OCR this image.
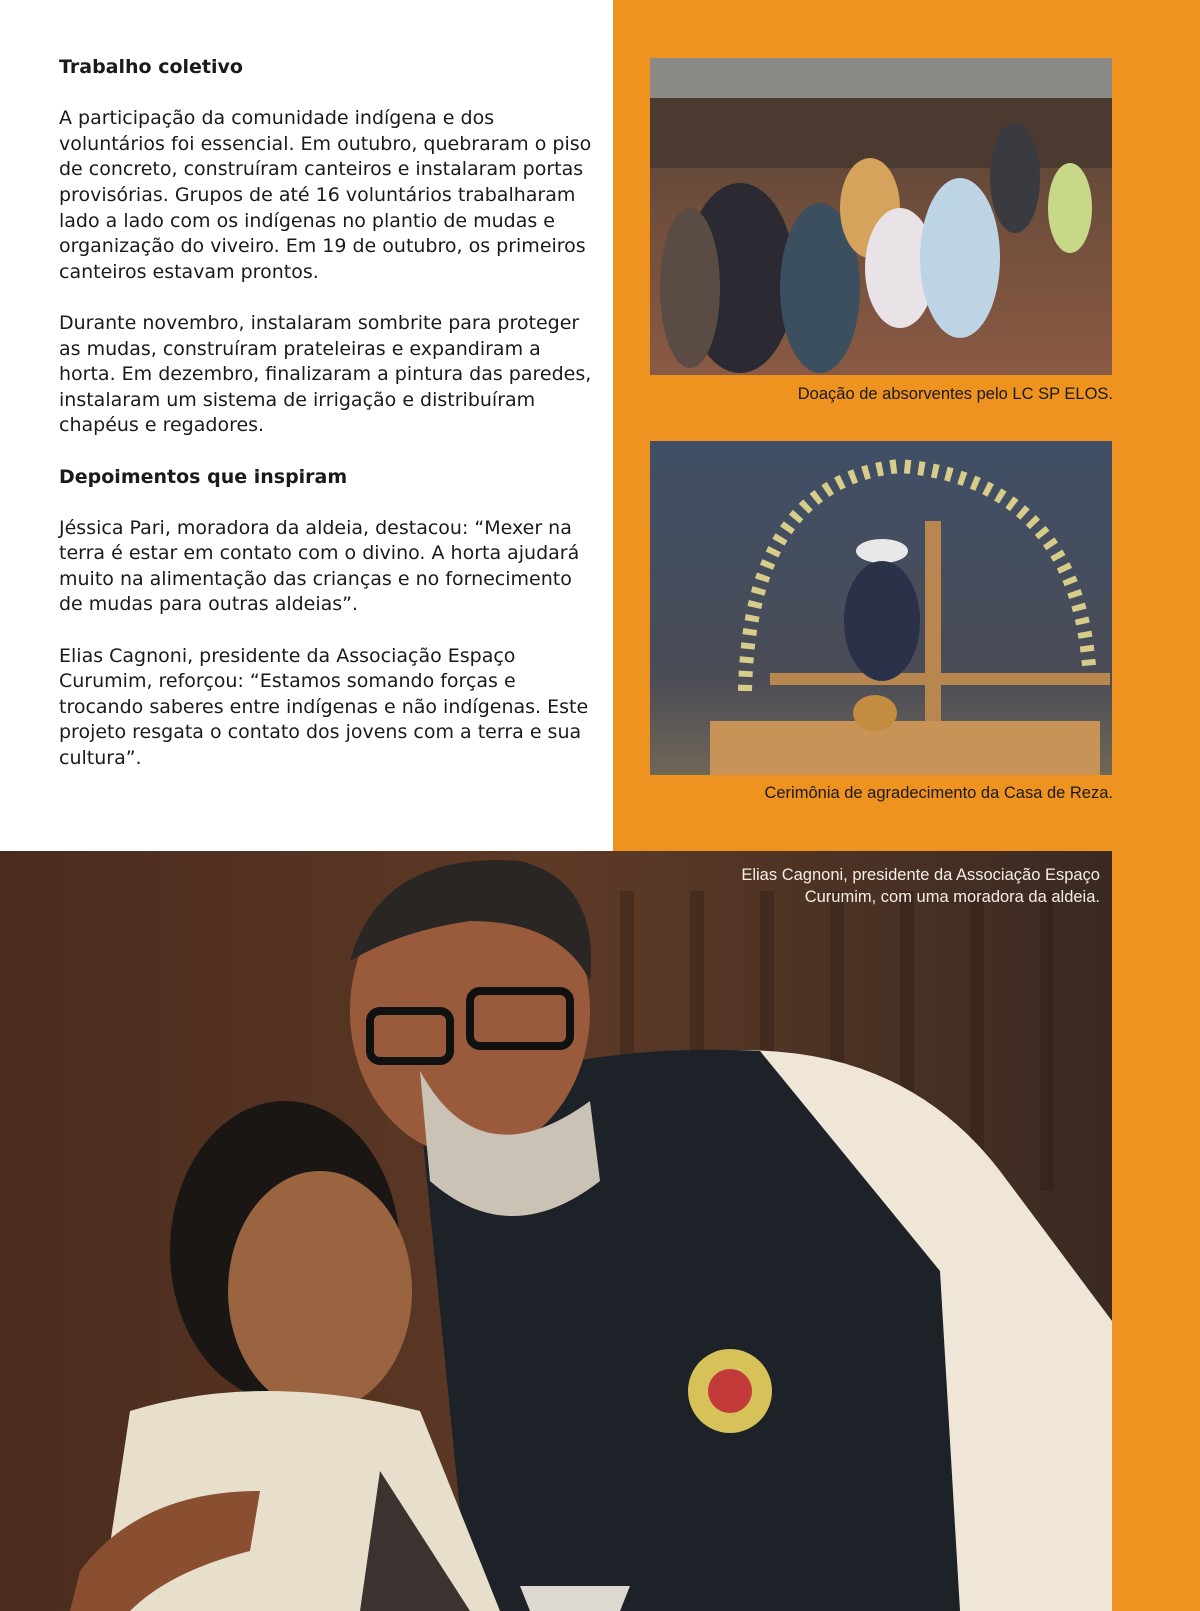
Trabalho coletivo

A participação da comunidade indígena e dos voluntários foi essencial. Em outubro, quebraram o piso de concreto, construíram canteiros e instalaram portas provisórias. Grupos de até 16 voluntários trabalharam lado a lado com os indígenas no plantio de mudas e organização do viveiro. Em 19 de outubro, os primeiros canteiros estavam prontos.

Durante novembro, instalaram sombrite para proteger as mudas, construíram prateleiras e expandiram a horta. Em dezembro, finalizaram a pintura das paredes, instalaram um sistema de irrigação e distribuíram chapéus e regadores.

Depoimentos que inspiram

Jéssica Pari, moradora da aldeia, destacou: “Mexer na terra é estar em contato com o divino. A horta ajudará muito na alimentação das crianças e no fornecimento de mudas para outras aldeias”.

Elias Cagnoni, presidente da Associação Espaço Curumim, reforçou: “Estamos somando forças e trocando saberes entre indígenas e não indígenas. Este projeto resgata o contato dos jovens com a terra e sua cultura”.

Doação de absorventes pelo LC SP ELOS.
Cerimônia de agradecimento da Casa de Reza.
Elias Cagnoni, presidente da Associação Espaço
Curumim, com uma moradora da aldeia.
